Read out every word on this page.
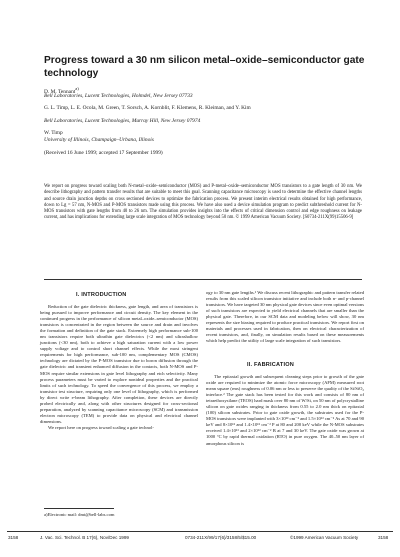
Progress toward a 30 nm silicon metal–oxide–semiconductor gate technology
D. M. Tennant$^{a)}$
Bell Laboratories, Lucent Technologies, Holmdel, New Jersey 07733
G. L. Timp, L. E. Ocola, M. Green, T. Sorsch, A. Kornblit, F. Klemens, R. Kleiman, and Y. Kim
Bell Laboratories, Lucent Technologies, Murray Hill, New Jersey 07974
W. Timp
University of Illinois, Champaign–Urbana, Illinois
(Received 16 June 1999; accepted 17 September 1999)

We report on progress toward scaling both N-metal–oxide–semiconductor (MOS) and P-metal–oxide–semiconductor MOS transistors to a gate length of 30 nm. We describe lithography and pattern transfer results that are suitable to meet this goal. Scanning capacitance microscopy is used to determine the effective channel lengths and source drain junction depths on cross sectioned devices to optimize the fabrication process. We present interim electrical results obtained for high performance, down to Lg = 57 nm, N-MOS and P-MOS transistors made using this process. We have also used a device simulation program to predict subthreshold current for N-MOS transistors with gate lengths from 40 to 26 nm. The simulation provides insights into the effects of critical dimension control and edge roughness on leakage current, and has implications for extending large scale integration of MOS technology beyond 50 nm. © 1999 American Vacuum Society. [S0734-211X(99)15506-9]

I. INTRODUCTION

Reduction of the gate dielectric thickness, gate length, and area of transistors is being pursued to improve performance and circuit density. The key element in the continued progress in the performance of silicon metal–oxide–semiconductor (MOS) transistors is concentrated in the region between the source and drain and involves the formation and definition of the gate stack. Extremely high performance sub-100 nm transistors require both ultrathin gate dielectrics (<2 nm) and ultrashallow junctions (<30 nm), both to achieve a high saturation current with a low power supply voltage and to control short channel effects. While the most stringent requirements for high performance, sub-100 nm, complementary MOS (CMOS) technology are dictated by the P-MOS transistor due to boron diffusion through the gate dielectric and transient enhanced diffusion in the contacts, both N-MOS and P-MOS require similar extensions in gate level lithography and etch selectivity. Many process parameters must be varied to explore nonideal properties and the practical limits of such technology. To speed the convergence of this process, we employ a transistor test structure, requiring only one level of lithography, which is performed by direct write e-beam lithography. After completion, these devices are directly probed electrically and, along with other structures designed for cross-sectional preparation, analyzed by scanning capacitance microscopy (SCM) and transmission electron microscopy (TEM) to provide data on physical and electrical channel dimensions.

We report here on progress toward scaling a gate technol-

a)Electronic mail: dmt@bell-labs.com

ogy to 30 nm gate lengths.¹ We discuss recent lithographic and pattern transfer related results from this scaled silicon transistor initiative and include both n- and p-channel transistors. We have targeted 30 nm physical gate devices since even optimal versions of such transistors are expected to yield electrical channels that are smaller than the physical gate. Therefore, in our SCM data and modeling below will show, 30 nm represents the size biasing required to produce practical transistors. We report first on materials and processes used in fabrication, then on electrical characterization of recent transistors, and, finally, on simulation results based on these measurements which help predict the utility of large scale integration of such transistors.

II. FABRICATION

The epitaxial growth and subsequent cleaning steps prior to growth of the gate oxide are required to minimize the atomic force microscopy (AFM) measured root mean square (rms) roughness of 0.06 nm or less to preserve the quality of the Si/SiO₂ interface.² The gate stack has been tested for this work and consists of 80 nm of tetraethoxysilane (TEOS) hard mask over 80 nm of W/Si, on 50 nm of polycrystalline silicon on gate oxides ranging in thickness from 0.55 to 2.0 nm thick on epitaxial (100) silicon substrates. Prior to gate oxide growth, the substrates used for the P-MOS transistors were implanted with 3×10¹³ cm⁻² and 1.5×10¹³ cm⁻² As at 70 and 90 keV and 8×10¹² and 1.4×10¹³ cm⁻² P at 80 and 200 keV while the N-MOS substrates received 1.4×10¹³ and 2×10¹³ cm⁻² B at 7 and 30 keV. The gate oxide was grown at 1000 °C by rapid thermal oxidation (RTO) in pure oxygen. The 40–50 nm layer of amorphous silicon is

3158	J. Vac. Sci. Technol. B 17(6), Nov/Dec 1999	0734-211X/99/17(6)/3158/5/$15.00	©1999 American Vacuum Society	3158
